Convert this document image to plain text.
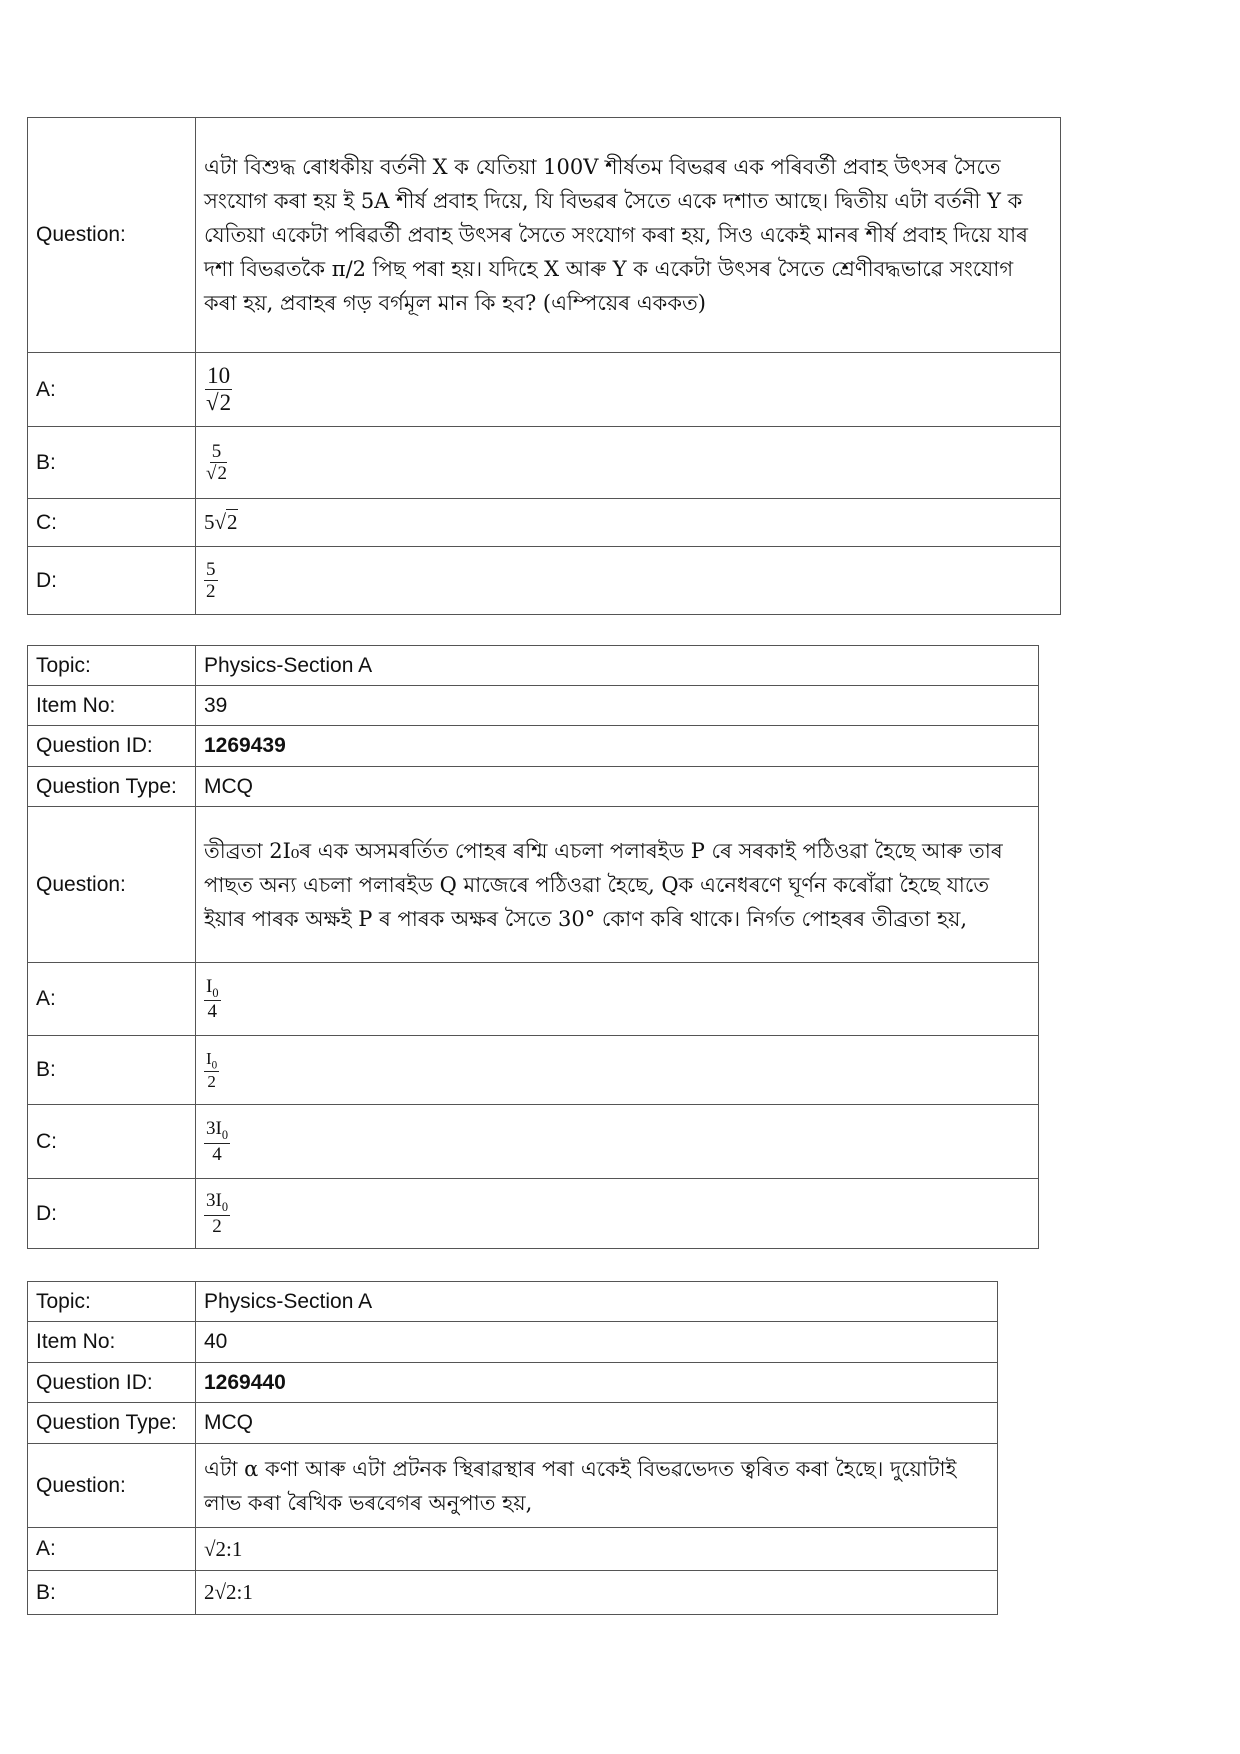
Question:	এটা বিশুদ্ধ ৰোধকীয় বৰ্তনী X ক যেতিয়া 100V শীৰ্ষতম বিভৱৰ এক পৰিবৰ্তী প্ৰবাহ উৎসৰ সৈতে সংযোগ কৰা হয় ই 5A শীৰ্ষ প্ৰবাহ দিয়ে, যি বিভৱৰ সৈতে একে দশাত আছে। দ্বিতীয় এটা বৰ্তনী Y ক যেতিয়া একেটা পৰিৱৰ্তী প্ৰবাহ উৎসৰ সৈতে সংযোগ কৰা হয়, সিও একেই মানৰ শীৰ্ষ প্ৰবাহ দিয়ে যাৰ দশা বিভৱতকৈ π/2 পিছ পৰা হয়। যদিহে X আৰু Y ক একেটা উৎসৰ সৈতে শ্ৰেণীবদ্ধভাৱে সংযোগ কৰা হয়, প্ৰবাহৰ গড় বৰ্গমূল মান কি হব? (এম্পিয়েৰ এককত)
A:	$\frac{10}{√2}$

B:	$\frac{5}{√2}$

C:	5√2
D:	$\frac{5}{2}$
Topic:	Physics-Section A
Item No:	39
Question ID:	1269439
Question Type:	MCQ
Question:	তীব্ৰতা 2I₀ৰ এক অসমৰৰ্তিত পোহৰ ৰশ্মি এচলা পলাৰইড P ৰে সৰকাই পঠিওৱা হৈছে আৰু তাৰ পাছত অন্য এচলা পলাৰইড Q মাজেৰে পঠিওৱা হৈছে, Qক এনেধৰণে ঘূৰ্ণন কৰোঁৱা হৈছে যাতে ইয়াৰ পাৰক অক্ষই P ৰ পাৰক অক্ষৰ সৈতে 30° কোণ কৰি থাকে। নিৰ্গত পোহৰৰ তীব্ৰতা হয়,
A:	$\frac{I_0}{4}$

B:	$\frac{I_0}{2}$

C:	$\frac{3I_0}{4}$

D:	$\frac{3I_0}{2}$
Topic:	Physics-Section A
Item No:	40
Question ID:	1269440
Question Type:	MCQ
Question:	এটা α কণা আৰু এটা প্ৰটনক স্থিৰাৱস্থাৰ পৰা একেই বিভৱভেদত ত্বৰিত কৰা হৈছে। দুয়োটাই লাভ কৰা ৰৈখিক ভৰবেগৰ অনুপাত হয়,
A:	√2:1
B:	2√2:1
